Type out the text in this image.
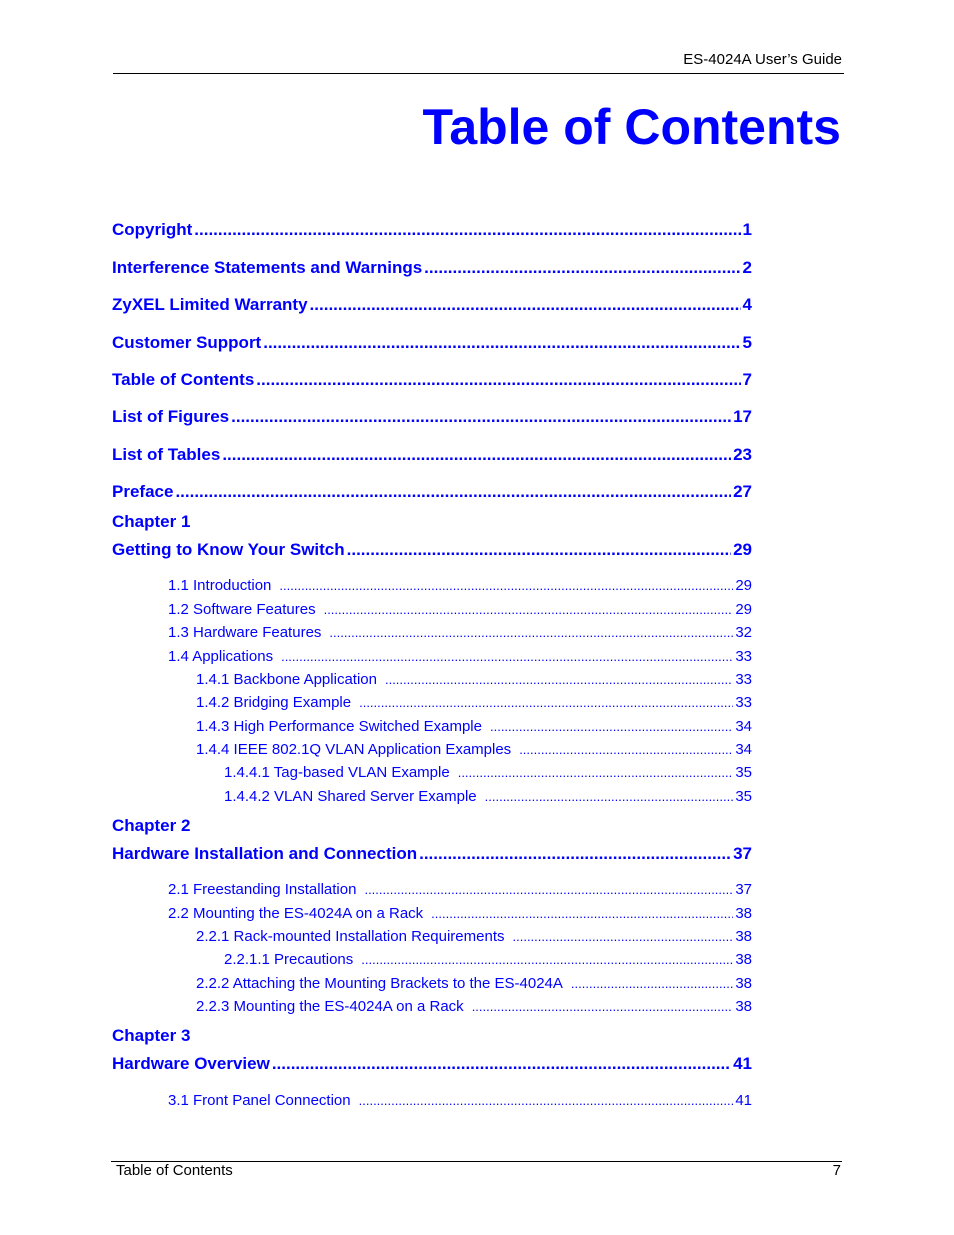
ES-4024A User’s Guide
Table of Contents
Copyright .....	1
Interference Statements and Warnings .....	2
ZyXEL Limited Warranty .....	4
Customer Support .....	5
Table of Contents .....	7
List of Figures .....	17
List of Tables .....	23
Preface .....	27
Chapter 1
Getting to Know Your Switch .....	29
1.1 Introduction .....	29
1.2 Software Features .....	29
1.3 Hardware Features .....	32
1.4 Applications .....	33
1.4.1 Backbone Application .....	33
1.4.2 Bridging Example .....	33
1.4.3 High Performance Switched Example .....	34
1.4.4 IEEE 802.1Q VLAN Application Examples .....	34
1.4.4.1 Tag-based VLAN Example .....	35
1.4.4.2 VLAN Shared Server Example .....	35
Chapter 2
Hardware Installation and Connection .....	37
2.1 Freestanding Installation .....	37
2.2 Mounting the ES-4024A on a Rack .....	38
2.2.1 Rack-mounted Installation Requirements .....	38
2.2.1.1 Precautions .....	38
2.2.2 Attaching the Mounting Brackets to the ES-4024A .....	38
2.2.3 Mounting the ES-4024A on a Rack .....	38
Chapter 3
Hardware Overview .....	41
3.1 Front Panel Connection .....	41
Table of Contents	7
